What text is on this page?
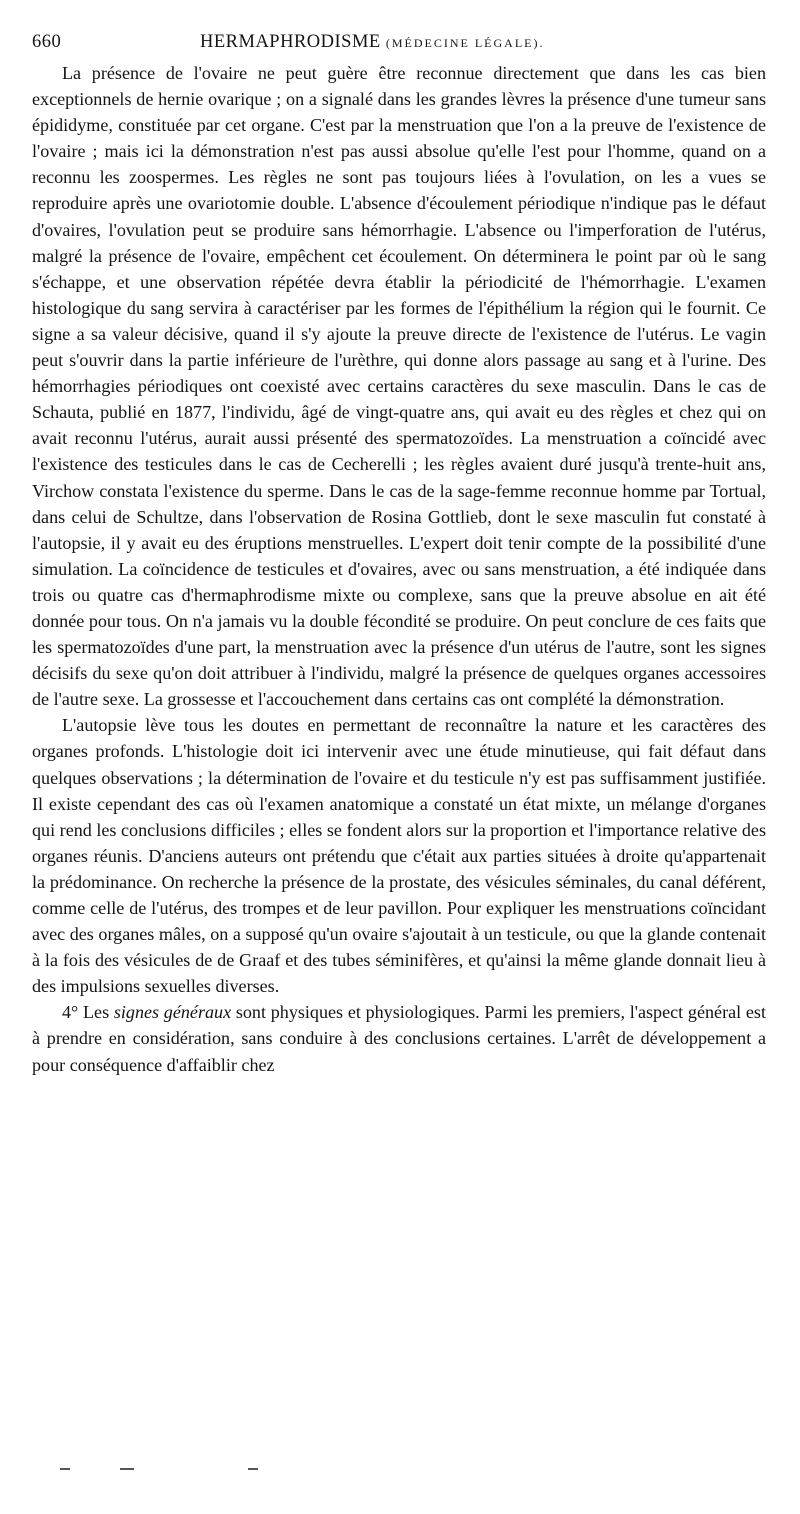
660	HERMAPHRODISME (MÉDECINE LÉGALE).

La présence de l'ovaire ne peut guère être reconnue directement que dans les cas bien exceptionnels de hernie ovarique ; on a signalé dans les grandes lèvres la présence d'une tumeur sans épididyme, constituée par cet organe. C'est par la menstruation que l'on a la preuve de l'existence de l'ovaire ; mais ici la démonstration n'est pas aussi absolue qu'elle l'est pour l'homme, quand on a reconnu les zoospermes. Les règles ne sont pas toujours liées à l'ovulation, on les a vues se reproduire après une ovariotomie double. L'absence d'écoulement périodique n'indique pas le défaut d'ovaires, l'ovulation peut se produire sans hémorrhagie. L'absence ou l'imperforation de l'utérus, malgré la présence de l'ovaire, empêchent cet écoulement. On déterminera le point par où le sang s'échappe, et une observation répétée devra établir la périodicité de l'hémorrhagie. L'examen histologique du sang servira à caractériser par les formes de l'épithélium la région qui le fournit. Ce signe a sa valeur décisive, quand il s'y ajoute la preuve directe de l'existence de l'utérus. Le vagin peut s'ouvrir dans la partie inférieure de l'urèthre, qui donne alors passage au sang et à l'urine. Des hémorrhagies périodiques ont coexisté avec certains caractères du sexe masculin. Dans le cas de Schauta, publié en 1877, l'individu, âgé de vingt-quatre ans, qui avait eu des règles et chez qui on avait reconnu l'utérus, aurait aussi présenté des spermatozoïdes. La menstruation a coïncidé avec l'existence des testicules dans le cas de Cecherelli ; les règles avaient duré jusqu'à trente-huit ans, Virchow constata l'existence du sperme. Dans le cas de la sage-femme reconnue homme par Tortual, dans celui de Schultze, dans l'observation de Rosina Gottlieb, dont le sexe masculin fut constaté à l'autopsie, il y avait eu des éruptions menstruelles. L'expert doit tenir compte de la possibilité d'une simulation. La coïncidence de testicules et d'ovaires, avec ou sans menstruation, a été indiquée dans trois ou quatre cas d'hermaphrodisme mixte ou complexe, sans que la preuve absolue en ait été donnée pour tous. On n'a jamais vu la double fécondité se produire. On peut conclure de ces faits que les spermatozoïdes d'une part, la menstruation avec la présence d'un utérus de l'autre, sont les signes décisifs du sexe qu'on doit attribuer à l'individu, malgré la présence de quelques organes accessoires de l'autre sexe. La grossesse et l'accouchement dans certains cas ont complété la démonstration.

L'autopsie lève tous les doutes en permettant de reconnaître la nature et les caractères des organes profonds. L'histologie doit ici intervenir avec une étude minutieuse, qui fait défaut dans quelques observations ; la détermination de l'ovaire et du testicule n'y est pas suffisamment justifiée. Il existe cependant des cas où l'examen anatomique a constaté un état mixte, un mélange d'organes qui rend les conclusions difficiles ; elles se fondent alors sur la proportion et l'importance relative des organes réunis. D'anciens auteurs ont prétendu que c'était aux parties situées à droite qu'appartenait la prédominance. On recherche la présence de la prostate, des vésicules séminales, du canal déférent, comme celle de l'utérus, des trompes et de leur pavillon. Pour expliquer les menstruations coïncidant avec des organes mâles, on a supposé qu'un ovaire s'ajoutait à un testicule, ou que la glande contenait à la fois des vésicules de de Graaf et des tubes séminifères, et qu'ainsi la même glande donnait lieu à des impulsions sexuelles diverses.

4° Les signes généraux sont physiques et physiologiques. Parmi les premiers, l'aspect général est à prendre en considération, sans conduire à des conclusions certaines. L'arrêt de développement a pour conséquence d'affaiblir chez
